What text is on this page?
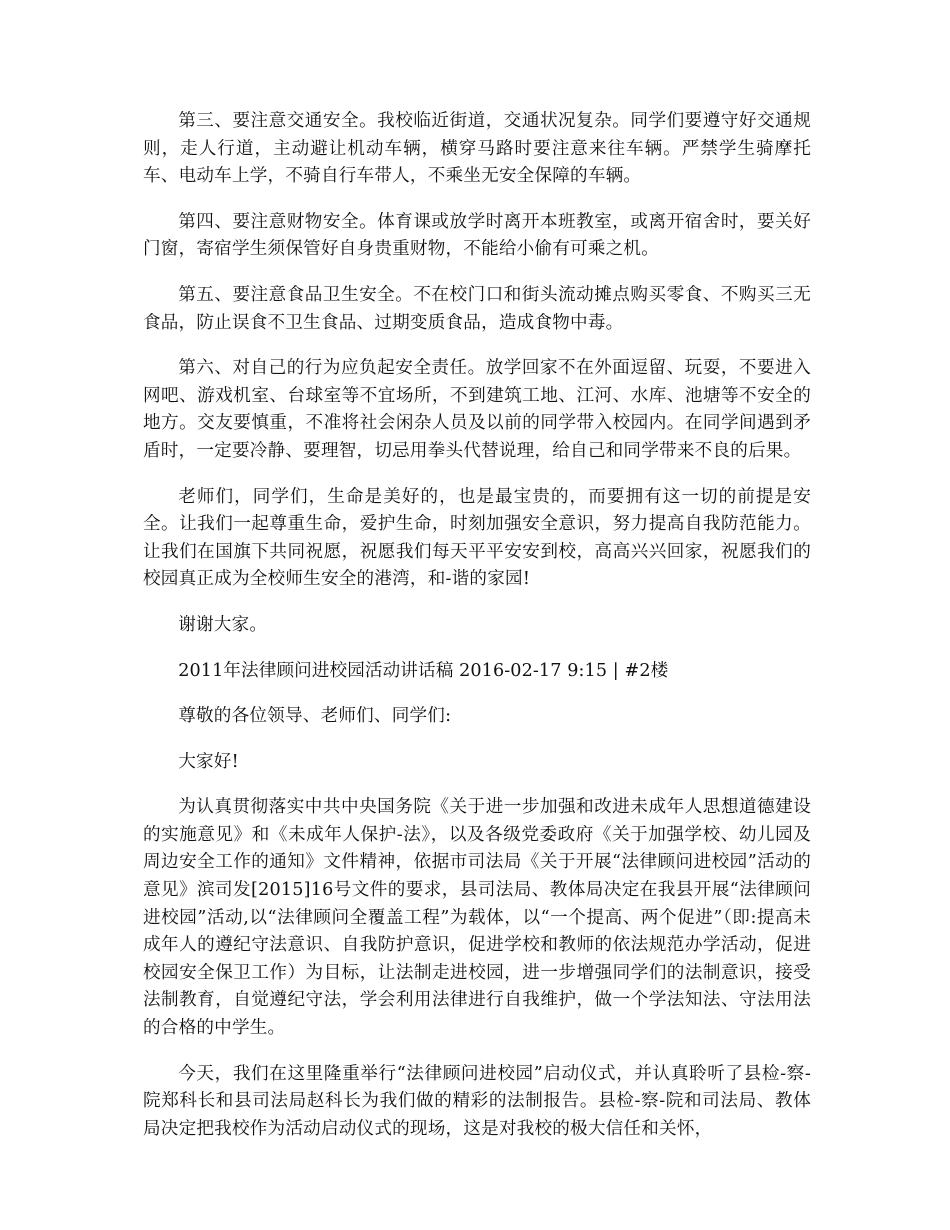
第三、要注意交通安全。我校临近街道，交通状况复杂。同学们要遵守好交通规则，走人行道，主动避让机动车辆，横穿马路时要注意来往车辆。严禁学生骑摩托车、电动车上学，不骑自行车带人，不乘坐无安全保障的车辆。

第四、要注意财物安全。体育课或放学时离开本班教室，或离开宿舍时，要关好门窗，寄宿学生须保管好自身贵重财物，不能给小偷有可乘之机。

第五、要注意食品卫生安全。不在校门口和街头流动摊点购买零食、不购买三无食品，防止误食不卫生食品、过期变质食品，造成食物中毒。

第六、对自己的行为应负起安全责任。放学回家不在外面逗留、玩耍，不要进入网吧、游戏机室、台球室等不宜场所，不到建筑工地、江河、水库、池塘等不安全的地方。交友要慎重，不准将社会闲杂人员及以前的同学带入校园内。在同学间遇到矛盾时，一定要冷静、要理智，切忌用拳头代替说理，给自己和同学带来不良的后果。

老师们，同学们，生命是美好的，也是最宝贵的，而要拥有这一切的前提是安全。让我们一起尊重生命，爱护生命，时刻加强安全意识，努力提高自我防范能力。让我们在国旗下共同祝愿，祝愿我们每天平平安安到校，高高兴兴回家，祝愿我们的校园真正成为全校师生安全的港湾，和-谐的家园!

谢谢大家。

2011年法律顾问进校园活动讲话稿 2016-02-17 9:15 | #2楼

尊敬的各位领导、老师们、同学们:

大家好!

为认真贯彻落实中共中央国务院《关于进一步加强和改进未成年人思想道德建设的实施意见》和《未成年人保护-法》，以及各级党委政府《关于加强学校、幼儿园及周边安全工作的通知》文件精神，依据市司法局《关于开展“法律顾问进校园”活动的意见》滨司发[2015]16号文件的要求，县司法局、教体局决定在我县开展“法律顾问进校园”活动,以“法律顾问全覆盖工程”为载体，以“一个提高、两个促进”（即:提高未成年人的遵纪守法意识、自我防护意识，促进学校和教师的依法规范办学活动，促进校园安全保卫工作）为目标，让法制走进校园，进一步增强同学们的法制意识，接受法制教育，自觉遵纪守法，学会利用法律进行自我维护，做一个学法知法、守法用法的合格的中学生。

今天，我们在这里隆重举行“法律顾问进校园”启动仪式，并认真聆听了县检-察-院郑科长和县司法局赵科长为我们做的精彩的法制报告。县检-察-院和司法局、教体局决定把我校作为活动启动仪式的现场，这是对我校的极大信任和关怀，
